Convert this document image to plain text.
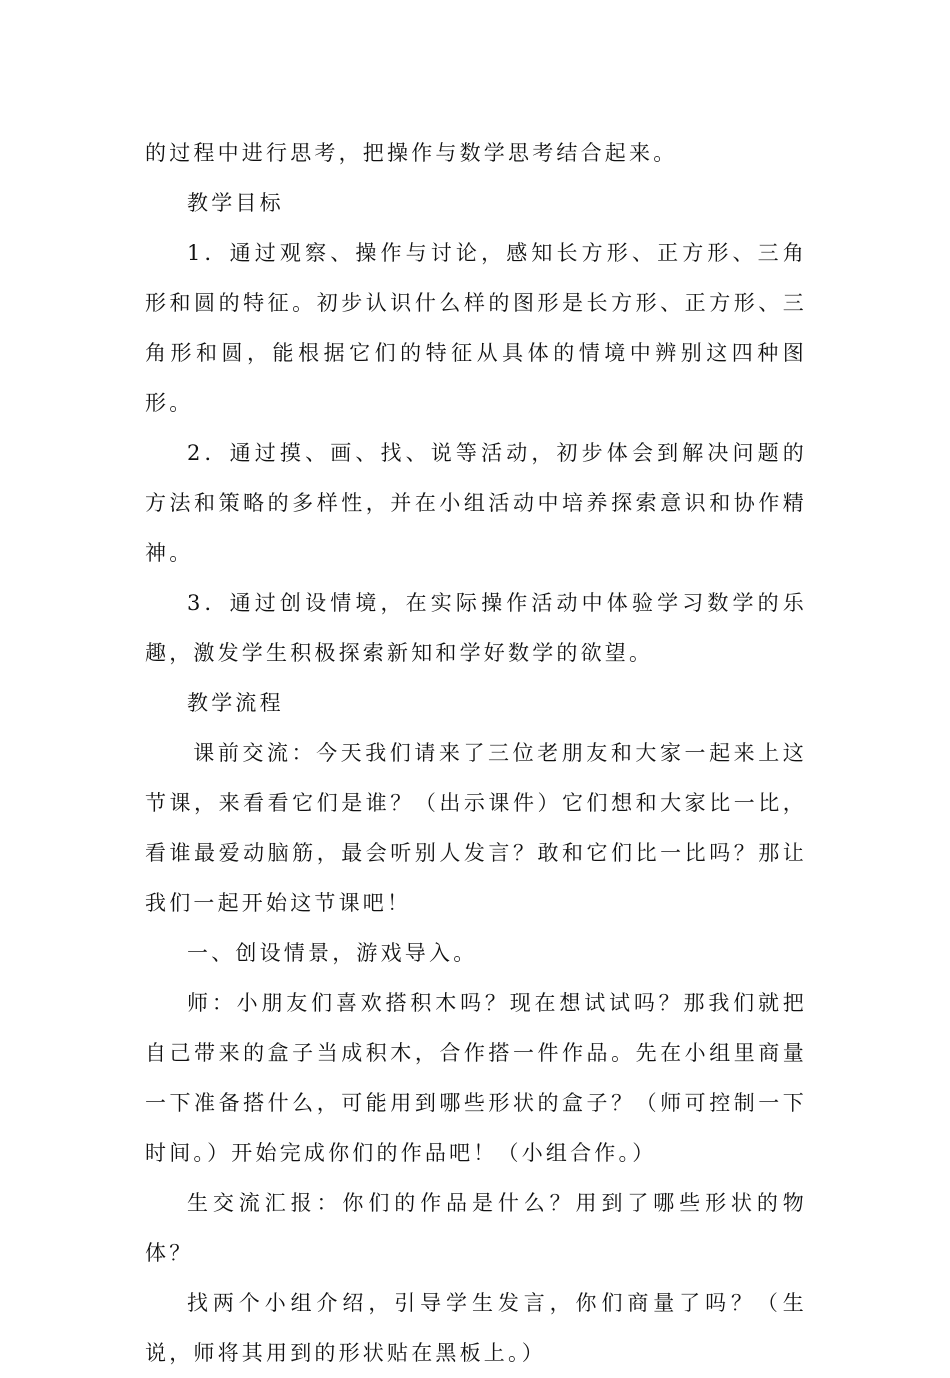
的过程中进行思考，把操作与数学思考结合起来。

教学目标

1．通过观察、操作与讨论，感知长方形、正方形、三角形和圆的特征。初步认识什么样的图形是长方形、正方形、三角形和圆，能根据它们的特征从具体的情境中辨别这四种图形。

2．通过摸、画、找、说等活动，初步体会到解决问题的方法和策略的多样性，并在小组活动中培养探索意识和协作精神。

3．通过创设情境，在实际操作活动中体验学习数学的乐趣，激发学生积极探索新知和学好数学的欲望。

教学流程

课前交流：今天我们请来了三位老朋友和大家一起来上这节课，来看看它们是谁？（出示课件）它们想和大家比一比，看谁最爱动脑筋，最会听别人发言？敢和它们比一比吗？那让我们一起开始这节课吧！

一、创设情景，游戏导入。

师：小朋友们喜欢搭积木吗？现在想试试吗？那我们就把自己带来的盒子当成积木，合作搭一件作品。先在小组里商量一下准备搭什么，可能用到哪些形状的盒子？（师可控制一下时间。）开始完成你们的作品吧！（小组合作。）

生交流汇报：你们的作品是什么？用到了哪些形状的物体？

找两个小组介绍，引导学生发言，你们商量了吗？（生说，师将其用到的形状贴在黑板上。）
